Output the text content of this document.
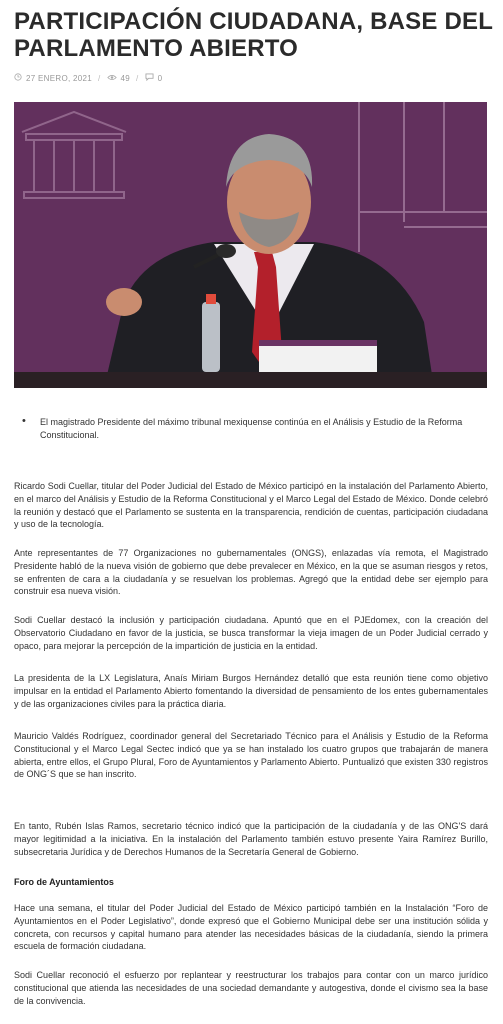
PARTICIPACIÓN CIUDADANA, BASE DEL PARLAMENTO ABIERTO
27 ENERO, 2021 /	49 / 0
• El magistrado Presidente del máximo tribunal mexiquense continúa en el Análisis y Estudio de la Reforma Constitucional.

Ricardo Sodi Cuellar, titular del Poder Judicial del Estado de México participó en la instalación del Parlamento Abierto, en el marco del Análisis y Estudio de la Reforma Constitucional y el Marco Legal del Estado de México. Donde celebró la reunión y destacó que el Parlamento se sustenta en la transparencia, rendición de cuentas, participación ciudadana y uso de la tecnología.

Ante representantes de 77 Organizaciones no gubernamentales (ONGS), enlazadas vía remota, el Magistrado Presidente habló de la nueva visión de gobierno que debe prevalecer en México, en la que se asuman riesgos y retos, se enfrenten de cara a la ciudadanía y se resuelvan los problemas. Agregó que la entidad debe ser ejemplo para construir esa nueva visión.

Sodi Cuellar destacó la inclusión y participación ciudadana. Apuntó que en el PJEdomex, con la creación del Observatorio Ciudadano en favor de la justicia, se busca transformar la vieja imagen de un Poder Judicial cerrado y opaco, para mejorar la percepción de la impartición de justicia en la entidad.

La presidenta de la LX Legislatura, Anaís Miriam Burgos Hernández detalló que esta reunión tiene como objetivo impulsar en la entidad el Parlamento Abierto fomentando la diversidad de pensamiento de los entes gubernamentales y de las organizaciones civiles para la práctica diaria.

Mauricio Valdés Rodríguez, coordinador general del Secretariado Técnico para el Análisis y Estudio de la Reforma Constitucional y el Marco Legal Sectec indicó que ya se han instalado los cuatro grupos que trabajarán de manera abierta, entre ellos, el Grupo Plural, Foro de Ayuntamientos y Parlamento Abierto. Puntualizó que existen 330 registros de ONG´S que se han inscrito.

En tanto, Rubén Islas Ramos, secretario técnico indicó que la participación de la ciudadanía y de las ONG'S dará mayor legitimidad a la iniciativa. En la instalación del Parlamento también estuvo presente Yaira Ramírez Burillo, subsecretaria Jurídica y de Derechos Humanos de la Secretaría General de Gobierno.

Foro de Ayuntamientos

Hace una semana, el titular del Poder Judicial del Estado de México participó también en la Instalación “Foro de Ayuntamientos en el Poder Legislativo”, donde expresó que el Gobierno Municipal debe ser una institución sólida y concreta, con recursos y capital humano para atender las necesidades básicas de la ciudadanía, siendo la primera escuela de formación ciudadana.

Sodi Cuellar reconoció el esfuerzo por replantear y reestructurar los trabajos para contar con un marco jurídico constitucional que atienda las necesidades de una sociedad demandante y autogestiva, donde el civismo sea la base de la convivencia.
